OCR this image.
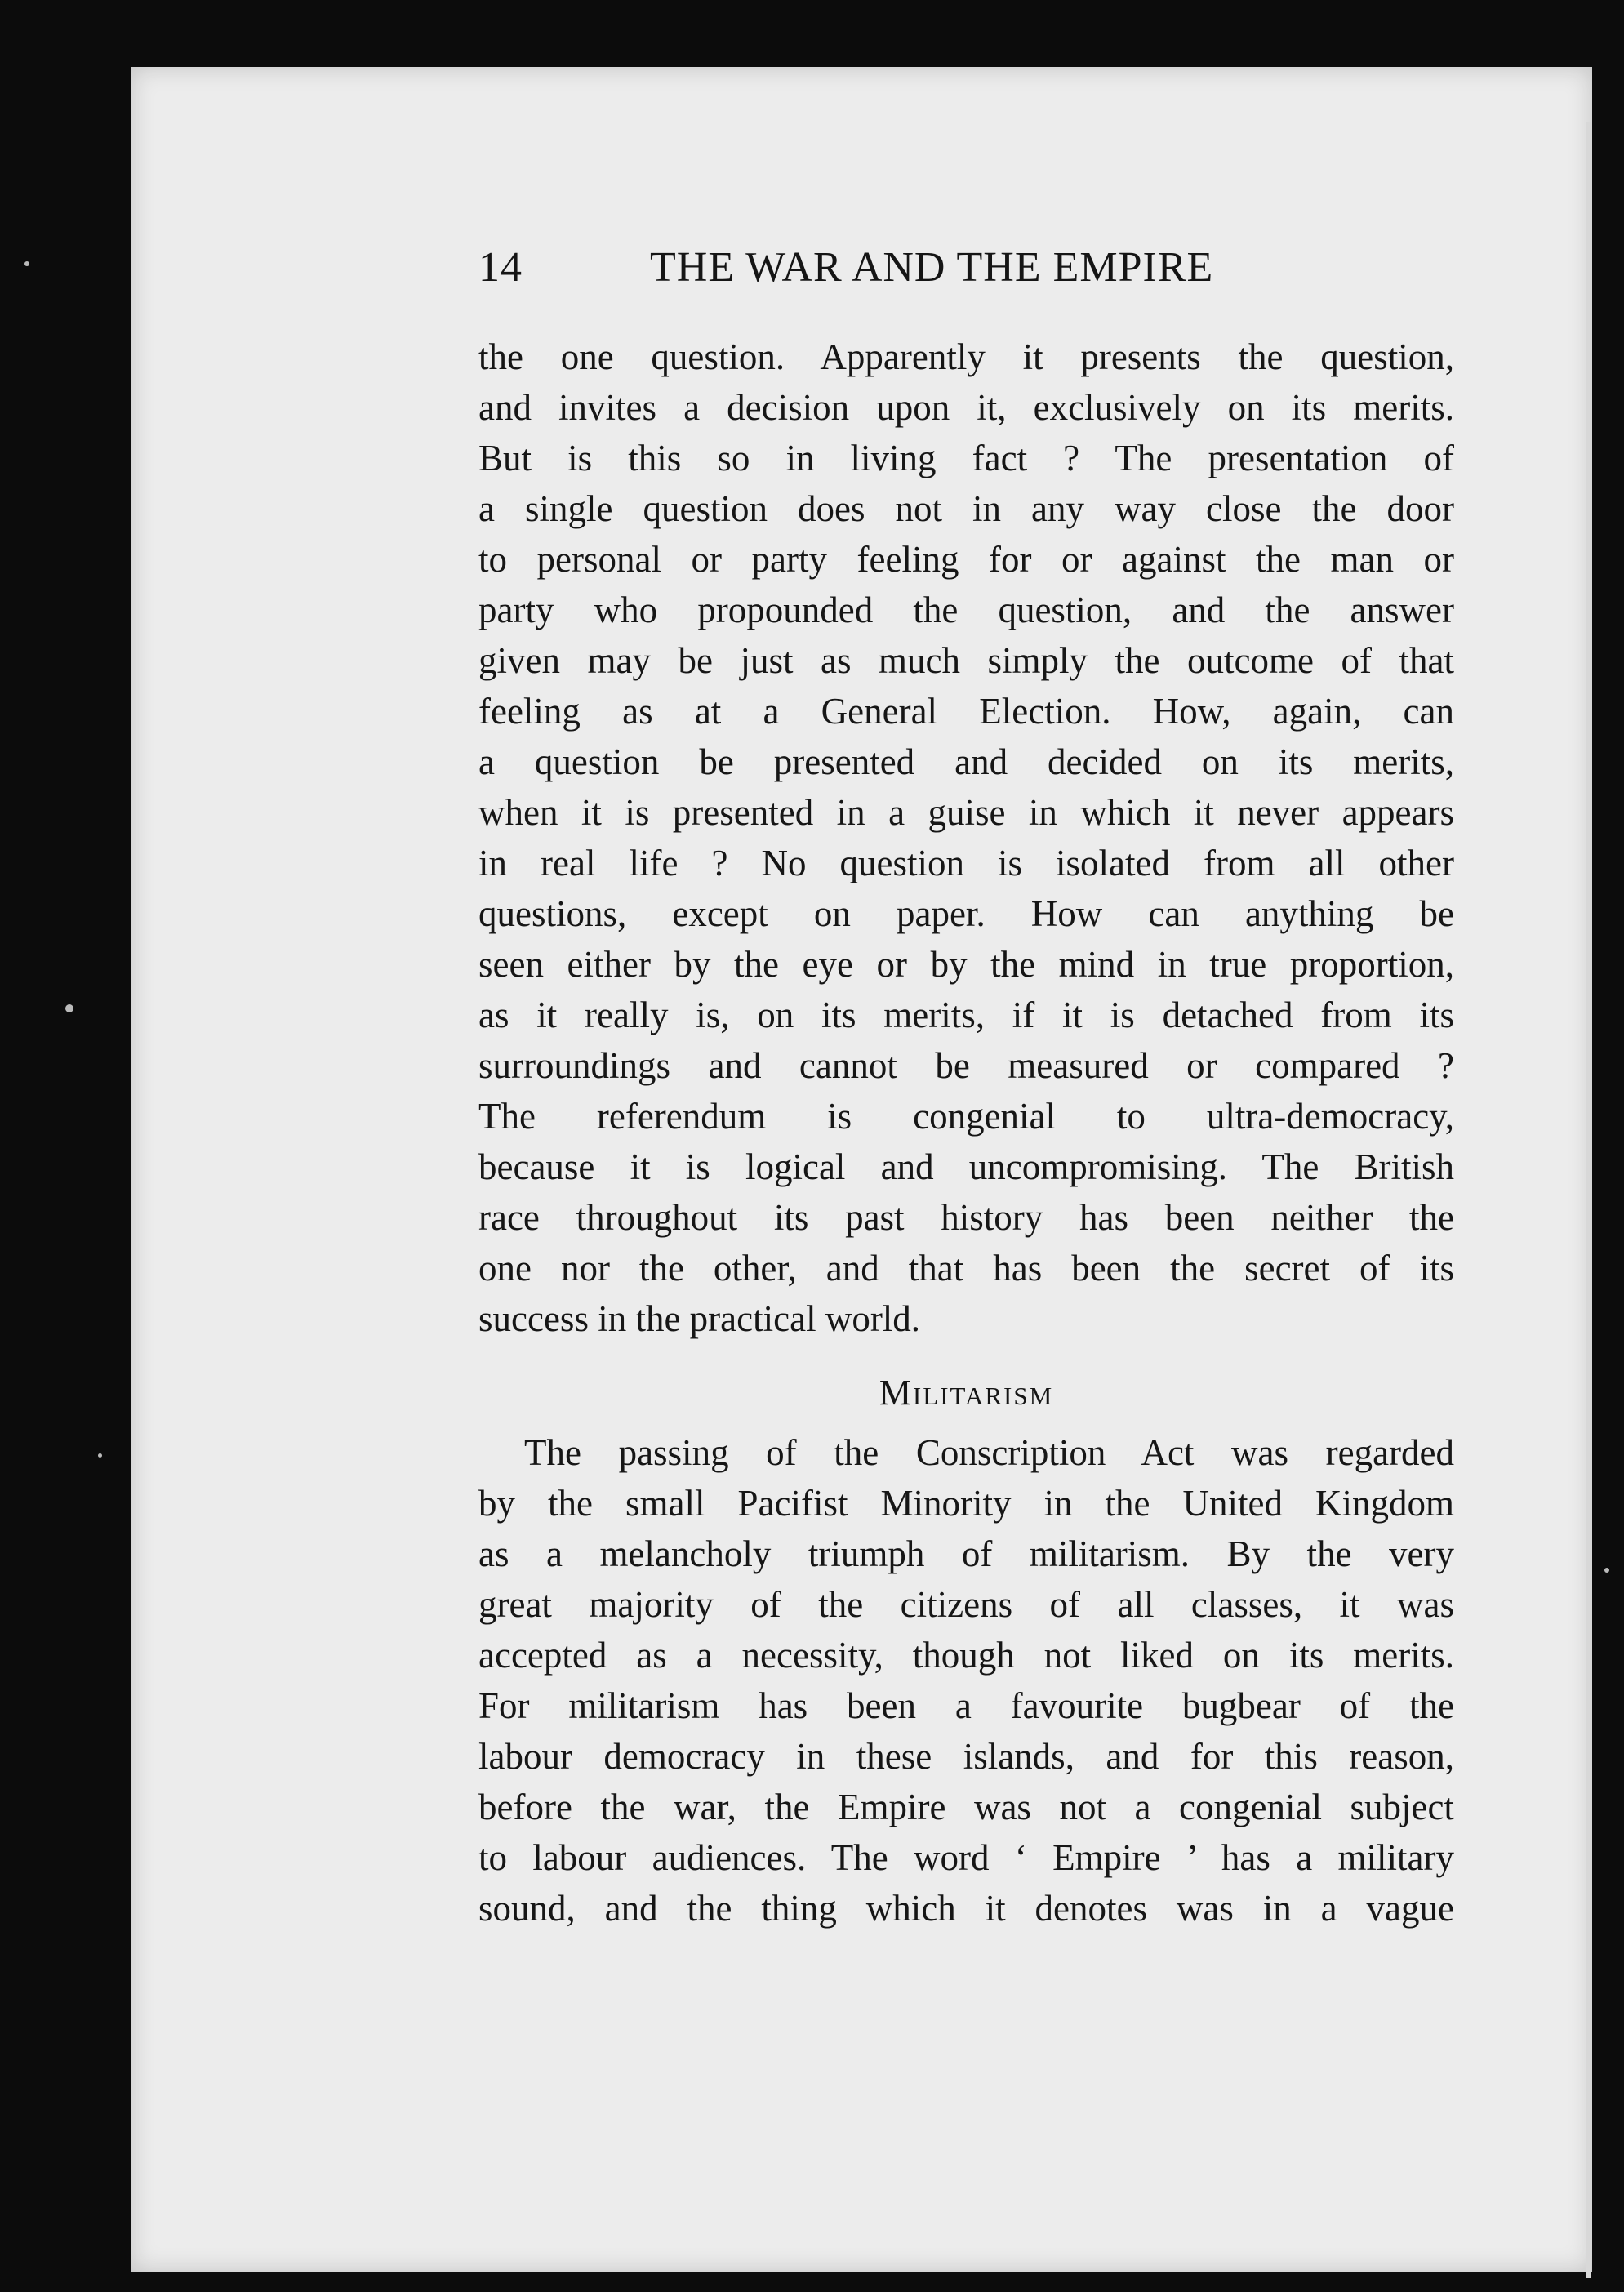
14	THE WAR AND THE EMPIRE
the one question. Apparently it presents the question,
and invites a decision upon it, exclusively on its merits.
But is this so in living fact ? The presentation of
a single question does not in any way close the door
to personal or party feeling for or against the man or
party who propounded the question, and the answer
given may be just as much simply the outcome of that
feeling as at a General Election. How, again, can
a question be presented and decided on its merits,
when it is presented in a guise in which it never appears
in real life ? No question is isolated from all other
questions, except on paper. How can anything be
seen either by the eye or by the mind in true proportion,
as it really is, on its merits, if it is detached from its
surroundings and cannot be measured or compared ?
The referendum is congenial to ultra-democracy,
because it is logical and uncompromising. The British
race throughout its past history has been neither the
one nor the other, and that has been the secret of its
success in the practical world.
Militarism
The passing of the Conscription Act was regarded
by the small Pacifist Minority in the United Kingdom
as a melancholy triumph of militarism. By the very
great majority of the citizens of all classes, it was
accepted as a necessity, though not liked on its merits.
For militarism has been a favourite bugbear of the
labour democracy in these islands, and for this reason,
before the war, the Empire was not a congenial subject
to labour audiences. The word ‘ Empire ’ has a military
sound, and the thing which it denotes was in a vague
